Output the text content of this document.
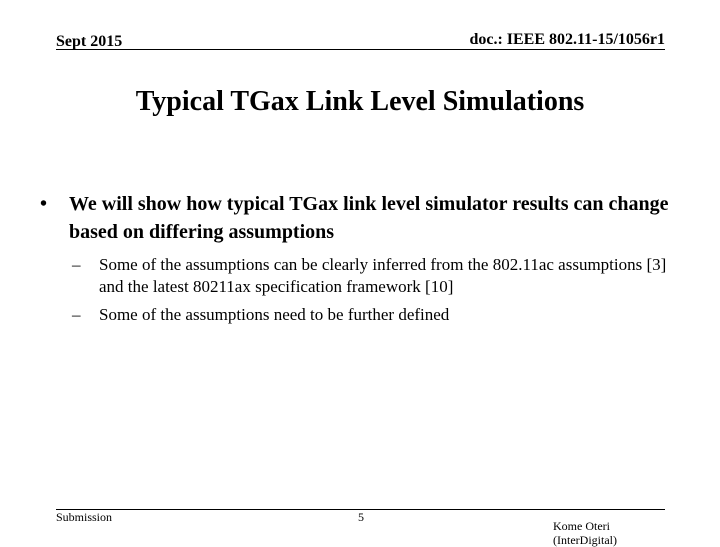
Sept 2015	doc.: IEEE 802.11-15/1056r1
Typical TGax Link Level Simulations
•	We will show how typical TGax link level simulator results can change based on differing assumptions
–	Some of the assumptions can be clearly inferred from the 802.11ac assumptions [3] and the latest 80211ax specification framework [10]
–	Some of the assumptions need to be further defined
Submission	5
Kome Oteri (InterDigital)
